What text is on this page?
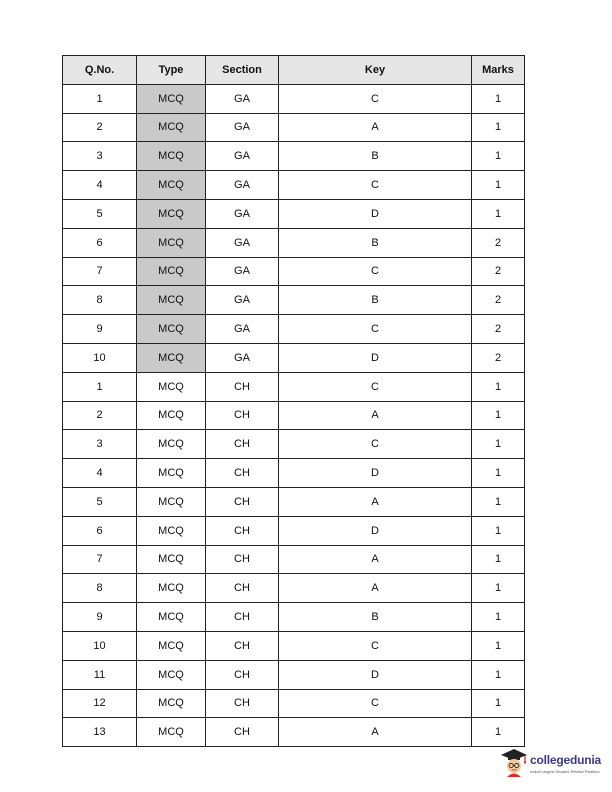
Q.No.	Type	Section	Key	Marks
1	MCQ	GA	C	1
2	MCQ	GA	A	1
3	MCQ	GA	B	1
4	MCQ	GA	C	1
5	MCQ	GA	D	1
6	MCQ	GA	B	2
7	MCQ	GA	C	2
8	MCQ	GA	B	2
9	MCQ	GA	C	2
10	MCQ	GA	D	2
1	MCQ	CH	C	1
2	MCQ	CH	A	1
3	MCQ	CH	C	1
4	MCQ	CH	D	1
5	MCQ	CH	A	1
6	MCQ	CH	D	1
7	MCQ	CH	A	1
8	MCQ	CH	A	1
9	MCQ	CH	B	1
10	MCQ	CH	C	1
11	MCQ	CH	D	1
12	MCQ	CH	C	1
13	MCQ	CH	A	1
collegedunia
India's largest Student Review Platform
